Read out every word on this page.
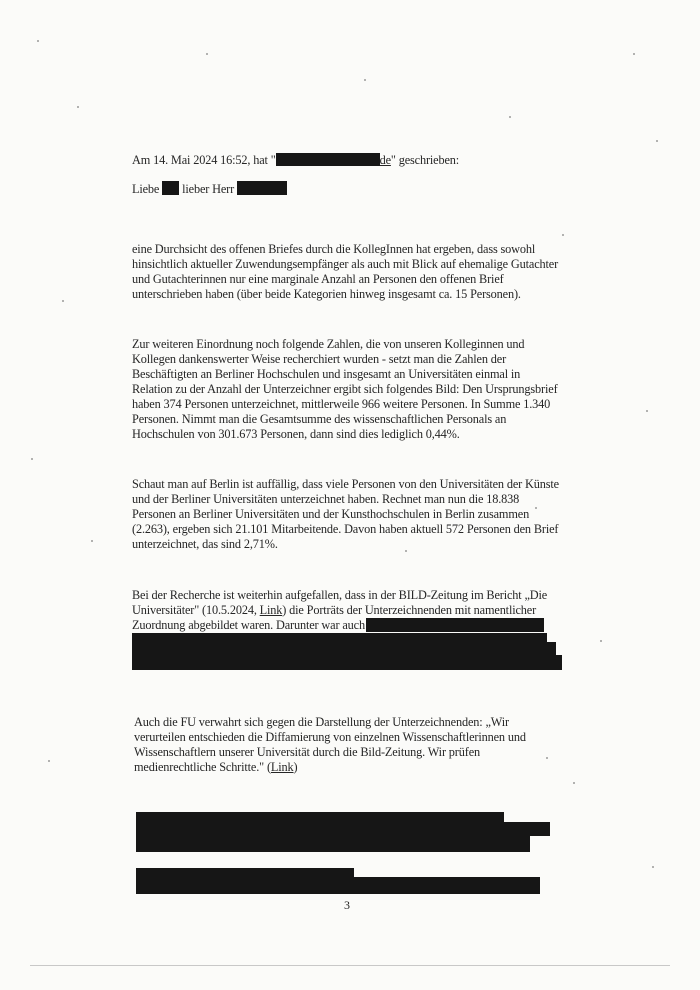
Am 14. Mai 2024 16:52, hat "	de" geschrieben:
Liebe lieber Herr
eine Durchsicht des offenen Briefes durch die KollegInnen hat ergeben, dass sowohl
hinsichtlich aktueller Zuwendungsempfänger als auch mit Blick auf ehemalige Gutachter
und Gutachterinnen nur eine marginale Anzahl an Personen den offenen Brief
unterschrieben haben (über beide Kategorien hinweg insgesamt ca. 15 Personen).
Zur weiteren Einordnung noch folgende Zahlen, die von unseren Kolleginnen und
Kollegen dankenswerter Weise recherchiert wurden - setzt man die Zahlen der
Beschäftigten an Berliner Hochschulen und insgesamt an Universitäten einmal in
Relation zu der Anzahl der Unterzeichner ergibt sich folgendes Bild: Den Ursprungsbrief
haben 374 Personen unterzeichnet, mittlerweile 966 weitere Personen. In Summe 1.340
Personen. Nimmt man die Gesamtsumme des wissenschaftlichen Personals an
Hochschulen von 301.673 Personen, dann sind dies lediglich 0,44%.
Schaut man auf Berlin ist auffällig, dass viele Personen von den Universitäten der Künste
und der Berliner Universitäten unterzeichnet haben. Rechnet man nun die 18.838
Personen an Berliner Universitäten und der Kunsthochschulen in Berlin zusammen
(2.263), ergeben sich 21.101 Mitarbeitende. Davon haben aktuell 572 Personen den Brief
unterzeichnet, das sind 2,71%.
Bei der Recherche ist weiterhin aufgefallen, dass in der BILD-Zeitung im Bericht „Die
Universitäter" (10.5.2024, Link) die Porträts der Unterzeichnenden mit namentlicher
Zuordnung abgebildet waren. Darunter war auch
Auch die FU verwahrt sich gegen die Darstellung der Unterzeichnenden: „Wir
verurteilen entschieden die Diffamierung von einzelnen Wissenschaftlerinnen und
Wissenschaftlern unserer Universität durch die Bild-Zeitung. Wir prüfen
medienrechtliche Schritte." (Link)
3
